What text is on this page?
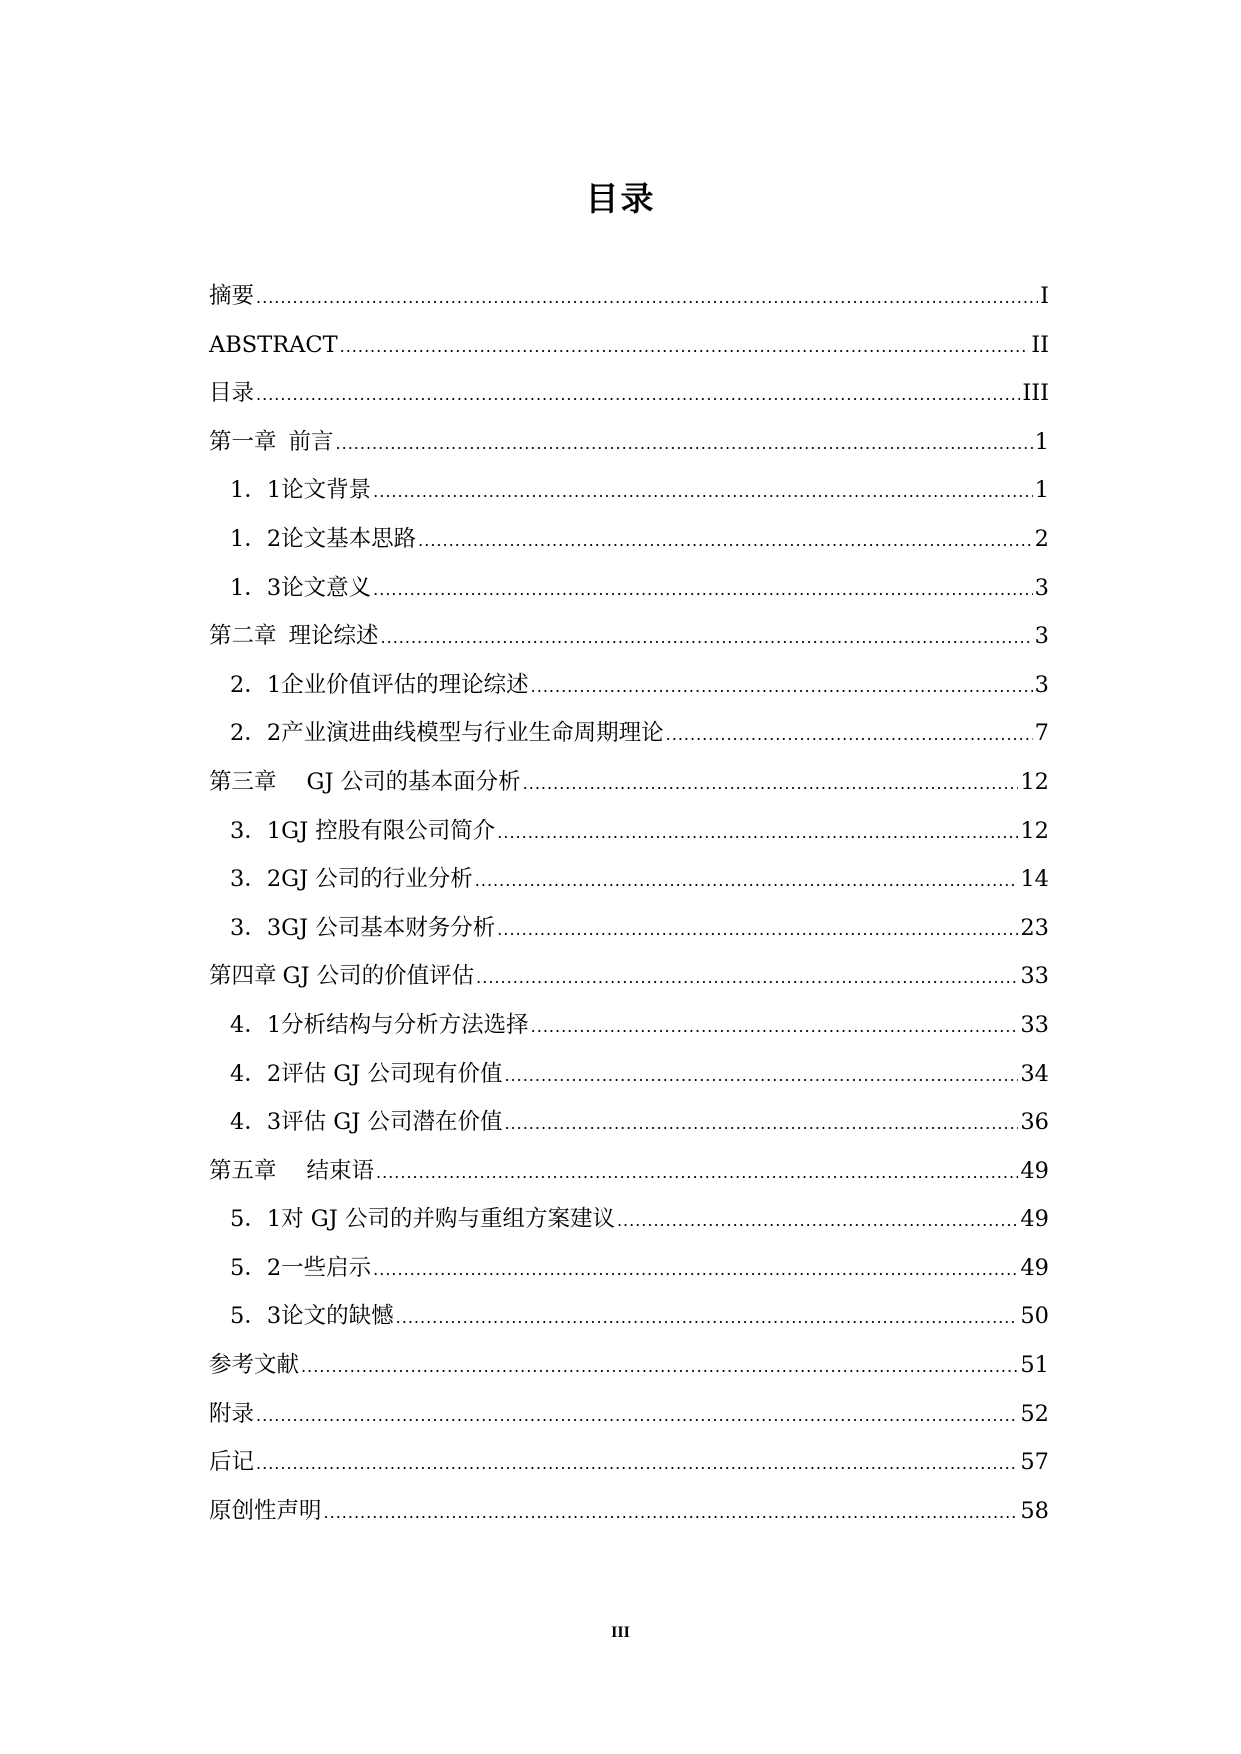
目录
摘要 .....	I
ABSTRACT .....	II
目录 .....	III
第一章 前言 .....	1
1．1 论文背景 .....	1
1．2 论文基本思路 .....	2
1．3 论文意义 .....	3
第二章 理论综述 .....	3
2．1 企业价值评估的理论综述 .....	3
2．2 产业演进曲线模型与行业生命周期理论 .....	7
第三章	GJ 公司的基本面分析 .....	12
3．1 GJ 控股有限公司简介 .....	12
3．2 GJ 公司的行业分析 .....	14
3．3 GJ 公司基本财务分析 .....	23
第四章 GJ 公司的价值评估 .....	33
4．1 分析结构与分析方法选择 .....	33
4．2 评估 GJ 公司现有价值 .....	34
4．3 评估 GJ 公司潜在价值 .....	36
第五章	结束语 .....	49
5．1 对 GJ 公司的并购与重组方案建议 .....	49
5．2 一些启示 .....	49
5．3 论文的缺憾 .....	50
参考文献 .....	51
附录 .....	52
后记 .....	57
原创性声明 .....	58
III
